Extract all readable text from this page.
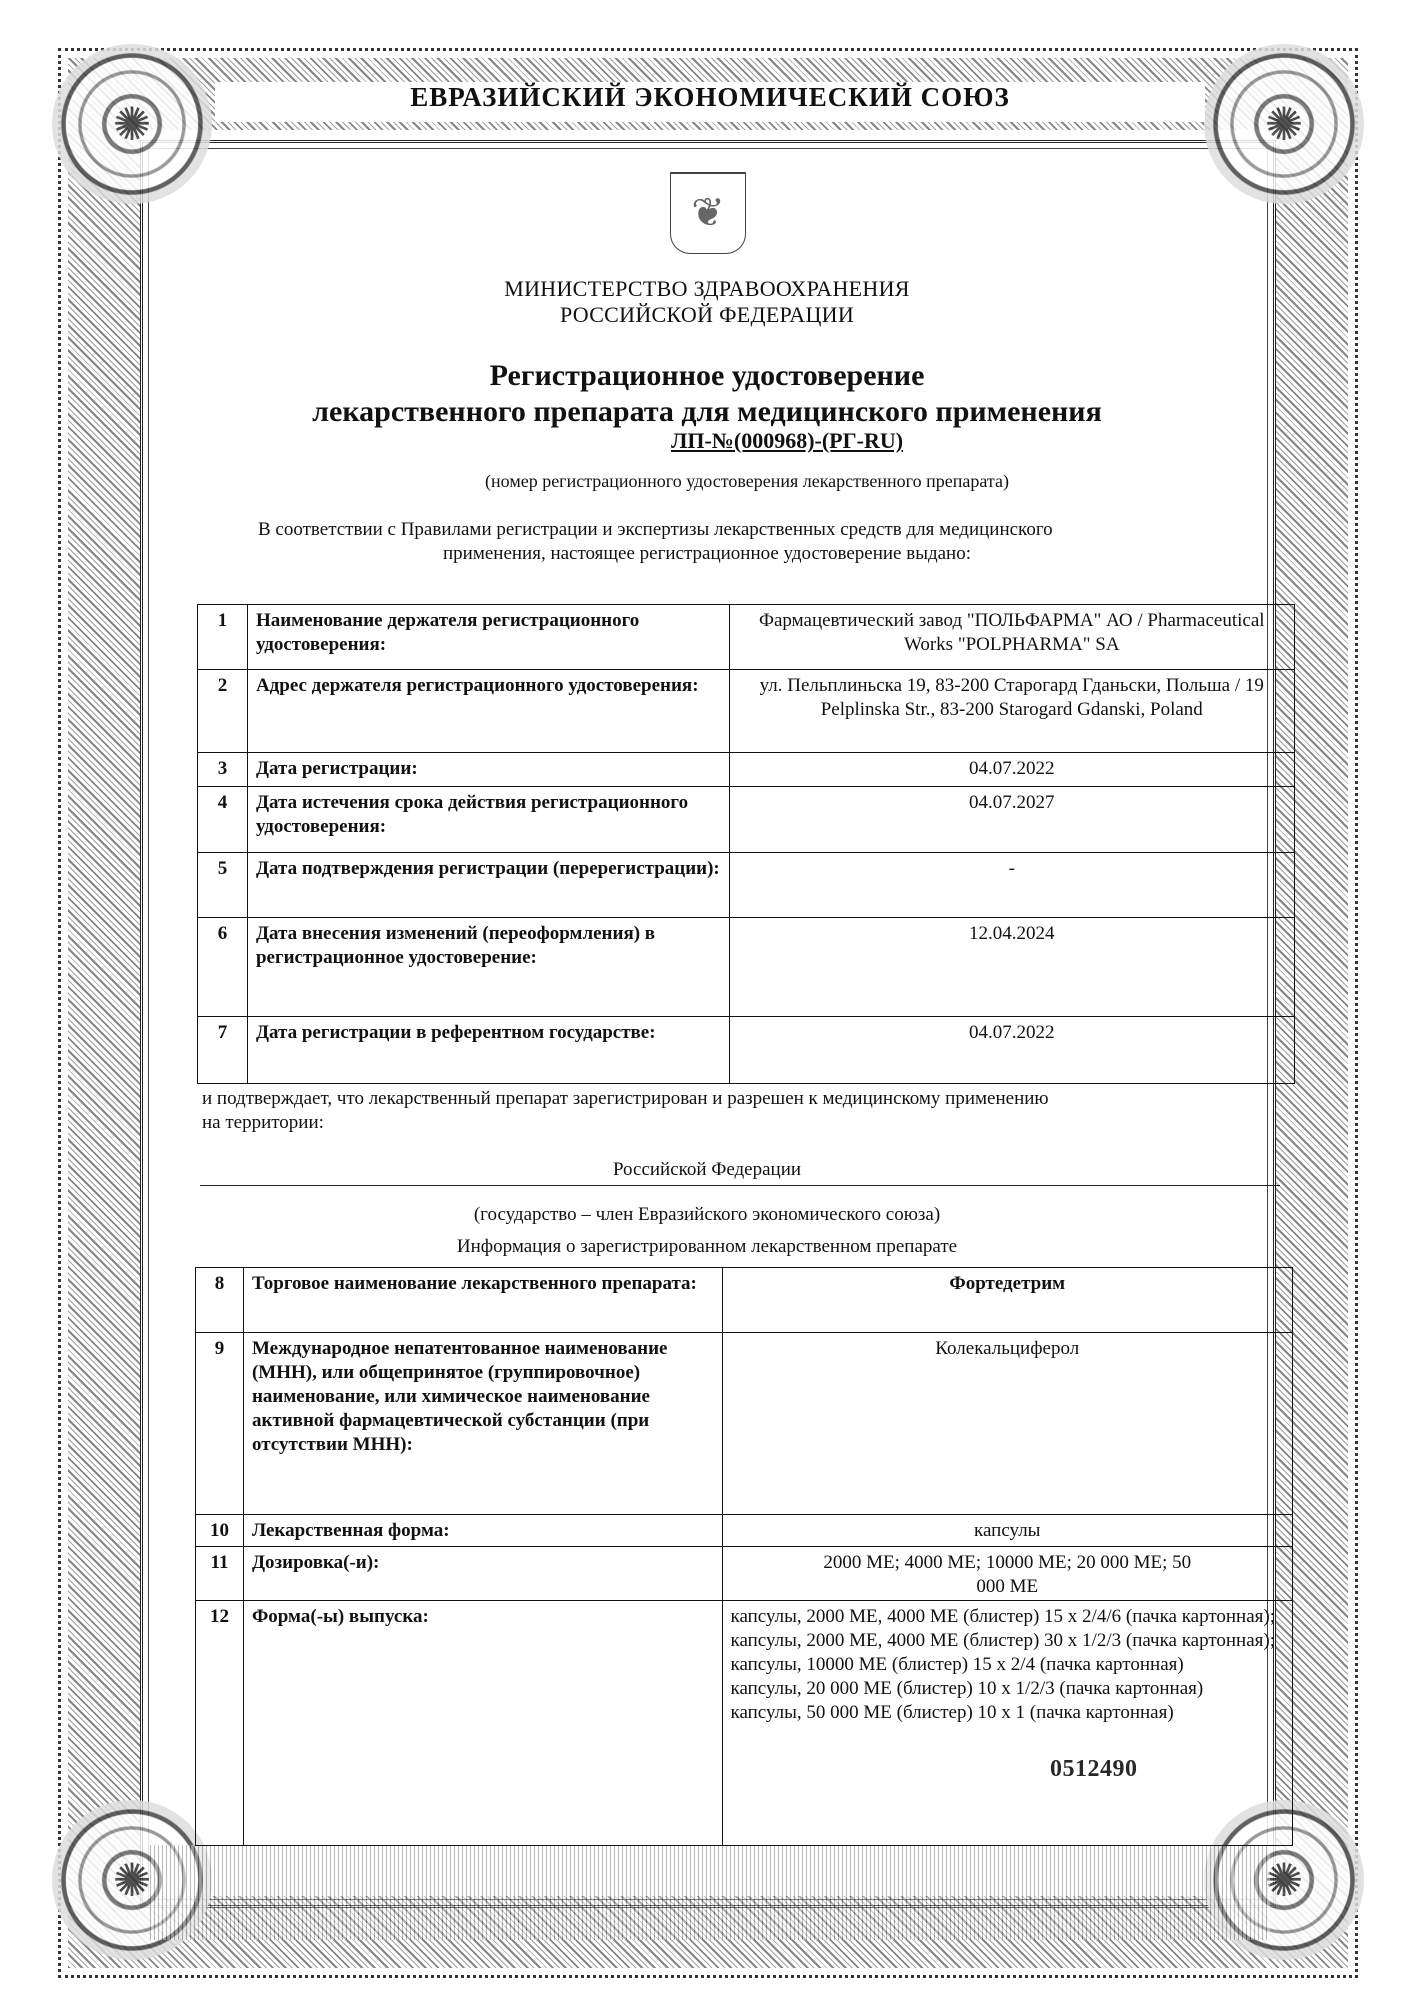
✺
✺
✺
✺
ЕВРАЗИЙСКИЙ ЭКОНОМИЧЕСКИЙ СОЮЗ
❦
МИНИСТЕРСТВО ЗДРАВООХРАНЕНИЯ
РОССИЙСКОЙ ФЕДЕРАЦИИ
Регистрационное удостоверение
лекарственного препарата для медицинского применения
ЛП-№(000968)-(РГ-RU)
(номер регистрационного удостоверения лекарственного препарата)
В соответствии с Правилами регистрации и экспертизы лекарственных средств для медицинского
применения, настоящее регистрационное удостоверение выдано:
1	Наименование держателя регистрационного удостоверения:	Фармацевтический завод "ПОЛЬФАРМА" АО / Pharmaceutical Works "POLPHARMA" SA
2	Адрес держателя регистрационного удостоверения:	ул. Пельплиньска 19, 83-200 Старогард Гданьски, Польша / 19 Pelplinska Str., 83-200 Starogard Gdanski, Poland
3	Дата регистрации:	04.07.2022
4	Дата истечения срока действия регистрационного удостоверения:	04.07.2027
5	Дата подтверждения регистрации (перерегистрации):	-
6	Дата внесения изменений (переоформления) в регистрационное удостоверение:	12.04.2024
7	Дата регистрации в референтном государстве:	04.07.2022
и подтверждает, что лекарственный препарат зарегистрирован и разрешен к медицинскому применению
на территории:
Российской Федерации
(государство – член Евразийского экономического союза)
Информация о зарегистрированном лекарственном препарате
8	Торговое наименование лекарственного препарата:	Фортедетрим
9	Международное непатентованное наименование (МНН), или общепринятое (группировочное) наименование, или химическое наименование активной фармацевтической субстанции (при отсутствии МНН):	Колекальциферол
10	Лекарственная форма:	капсулы
11	Дозировка(-и):	2000 МЕ; 4000 МЕ; 10000 МЕ; 20 000 МЕ; 50 000 МЕ
12	Форма(-ы) выпуска:	капсулы, 2000 МЕ, 4000 МЕ (блистер) 15 x 2/4/6 (пачка картонная);
капсулы, 2000 МЕ, 4000 МЕ (блистер) 30 x 1/2/3 (пачка картонная);
капсулы, 10000 МЕ (блистер) 15 x 2/4 (пачка картонная)
капсулы, 20 000 МЕ (блистер) 10 x 1/2/3 (пачка картонная)
капсулы, 50 000 МЕ (блистер) 10 x 1 (пачка картонная)
0512490
